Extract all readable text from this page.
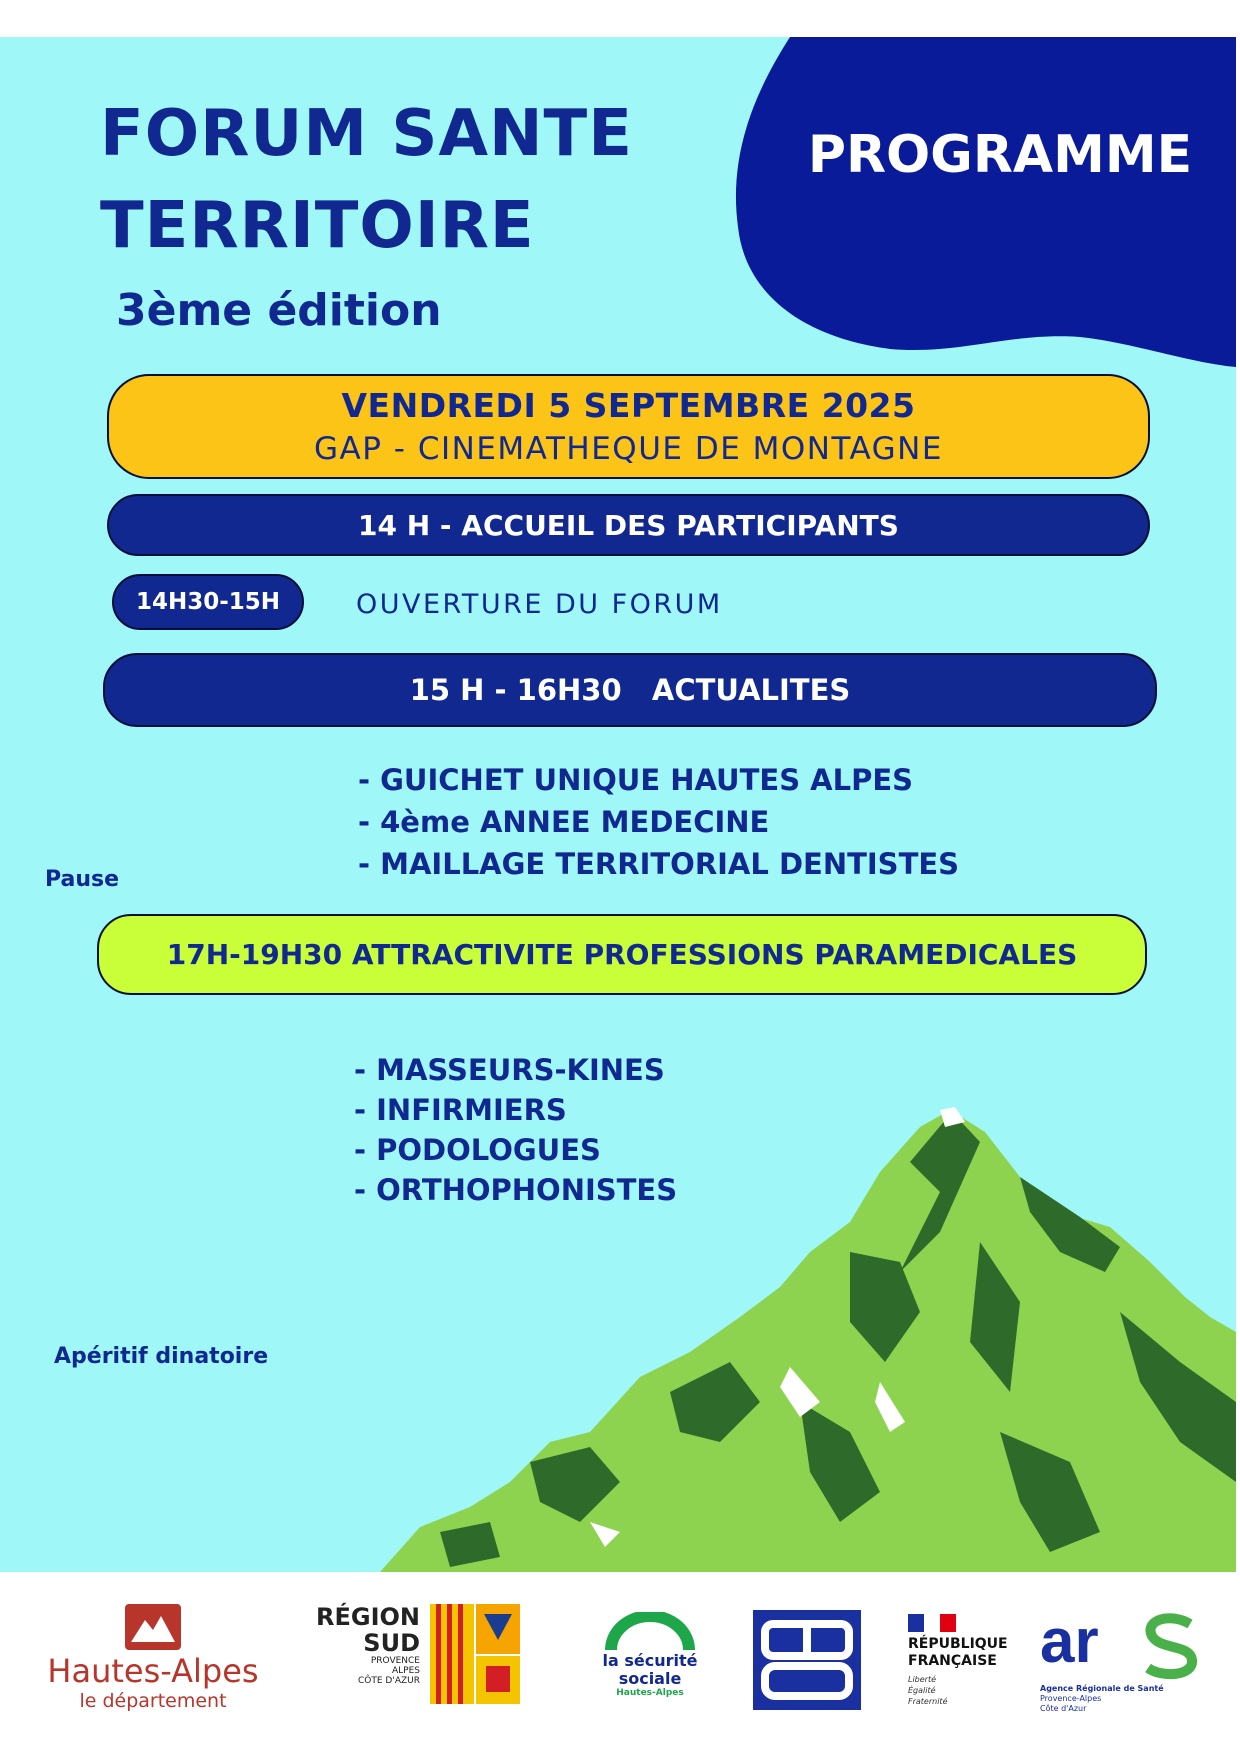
FORUM SANTE
TERRITOIRE
3ème édition
PROGRAMME
VENDREDI 5 SEPTEMBRE 2025
GAP - CINEMATHEQUE DE MONTAGNE
14 H - ACCUEIL DES PARTICIPANTS
14H30-15H	OUVERTURE DU FORUM
15 H - 16H30   ACTUALITES
- GUICHET UNIQUE HAUTES ALPES
- 4ème ANNEE MEDECINE
- MAILLAGE TERRITORIAL DENTISTES
Pause
17H-19H30 ATTRACTIVITE PROFESSIONS PARAMEDICALES
- MASSEURS-KINES
- INFIRMIERS
- PODOLOGUES
- ORTHOPHONISTES
Apéritif dinatoire
Hautes-Alpes
le département
RÉGION
SUD
PROVENCE
ALPES
CÔTE D'AZUR
la sécurité
sociale
Hautes-Alpes
RÉPUBLIQUE
FRANÇAISE
Liberté
Égalité
Fraternité
ar
Agence Régionale de Santé
Provence-Alpes
Côte d'Azur
